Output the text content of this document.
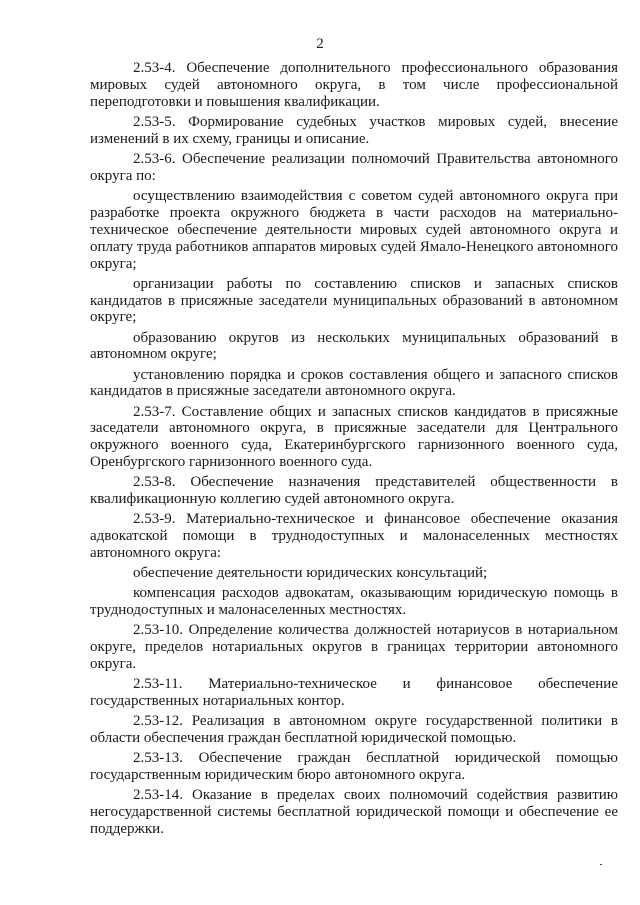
2

2.53-4. Обеспечение дополнительного профессионального образования мировых судей автономного округа, в том числе профессиональной переподготовки и повышения квалификации.

2.53-5. Формирование судебных участков мировых судей, внесение изменений в их схему, границы и описание.

2.53-6. Обеспечение реализации полномочий Правительства автономного округа по:

осуществлению взаимодействия с советом судей автономного округа при разработке проекта окружного бюджета в части расходов на материально-техническое обеспечение деятельности мировых судей автономного округа и оплату труда работников аппаратов мировых судей Ямало-Ненецкого автономного округа;

организации работы по составлению списков и запасных списков кандидатов в присяжные заседатели муниципальных образований в автономном округе;

образованию округов из нескольких муниципальных образований в автономном округе;

установлению порядка и сроков составления общего и запасного списков кандидатов в присяжные заседатели автономного округа.

2.53-7. Составление общих и запасных списков кандидатов в присяжные заседатели автономного округа, в присяжные заседатели для Центрального окружного военного суда, Екатеринбургского гарнизонного военного суда, Оренбургского гарнизонного военного суда.

2.53-8. Обеспечение назначения представителей общественности в квалификационную коллегию судей автономного округа.

2.53-9. Материально-техническое и финансовое обеспечение оказания адвокатской помощи в труднодоступных и малонаселенных местностях автономного округа:

обеспечение деятельности юридических консультаций;

компенсация расходов адвокатам, оказывающим юридическую помощь в труднодоступных и малонаселенных местностях.

2.53-10. Определение количества должностей нотариусов в нотариальном округе, пределов нотариальных округов в границах территории автономного округа.

2.53-11. Материально-техническое и финансовое обеспечение государственных нотариальных контор.

2.53-12. Реализация в автономном округе государственной политики в области обеспечения граждан бесплатной юридической помощью.

2.53-13. Обеспечение граждан бесплатной юридической помощью государственным юридическим бюро автономного округа.

2.53-14. Оказание в пределах своих полномочий содействия развитию негосударственной системы бесплатной юридической помощи и обеспечение ее поддержки.
